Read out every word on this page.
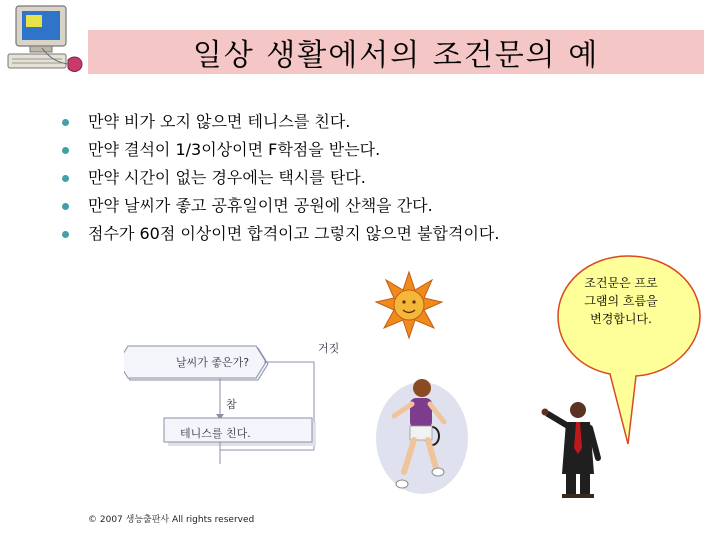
일상 생활에서의 조건문의 예
만약 비가 오지 않으면 테니스를 친다.
만약 결석이 1/3이상이면 F학점을 받는다.
만약 시간이 없는 경우에는 택시를 탄다.
만약 날씨가 좋고 공휴일이면 공원에 산책을 간다.
점수가 60점 이상이면 합격이고 그렇지 않으면 불합격이다.
조건문은 프로
그램의 흐름을
변경합니다.
날씨가 좋은가?
거짓
참
테니스를 친다.
© 2007 생능출판사 All rights reserved
